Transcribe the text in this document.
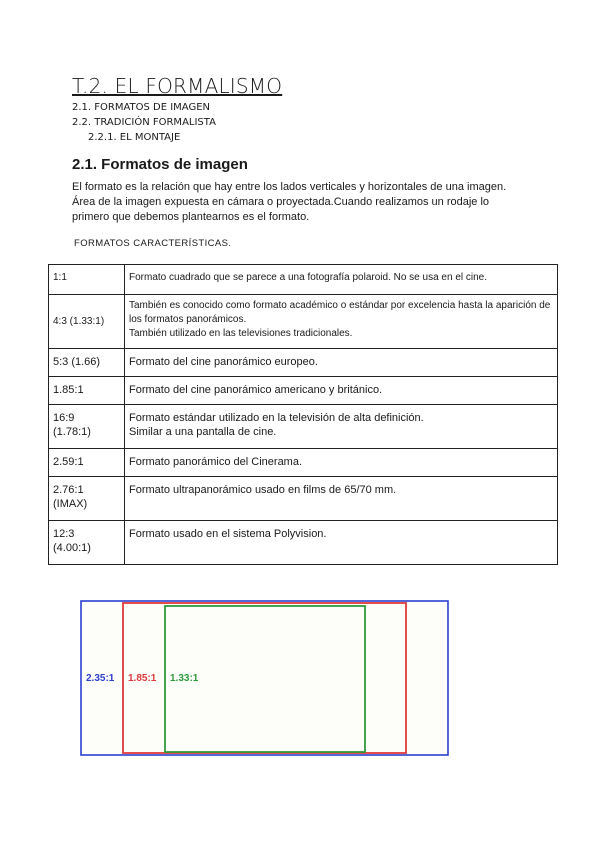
T.2. EL FORMALISMO
2.1. FORMATOS DE IMAGEN
2.2. TRADICIÓN FORMALISTA
2.2.1. EL MONTAJE
2.1. Formatos de imagen

El formato es la relación que hay entre los lados verticales y horizontales de una imagen.
Área de la imagen expuesta en cámara o proyectada.Cuando realizamos un rodaje lo
primero que debemos plantearnos es el formato.

FORMATOS CARACTERÍSTICAS.

1:1	Formato cuadrado que se parece a una fotografía polaroid. No se usa en el cine.
4:3 (1.33:1)	También es conocido como formato académico o estándar por excelencia hasta la aparición de los formatos panorámicos.
También utilizado en las televisiones tradicionales.
5:3 (1.66)	Formato del cine panorámico europeo.
1.85:1	Formato del cine panorámico americano y británico.
16:9
(1.78:1)	Formato estándar utilizado en la televisión de alta definición.
Similar a una pantalla de cine.
2.59:1	Formato panorámico del Cinerama.
2.76:1
(IMAX)	Formato ultrapanorámico usado en films de 65/70 mm.
12:3
(4.00:1)	Formato usado en el sistema Polyvision.
2.35:1 1.85:1 1.33:1
